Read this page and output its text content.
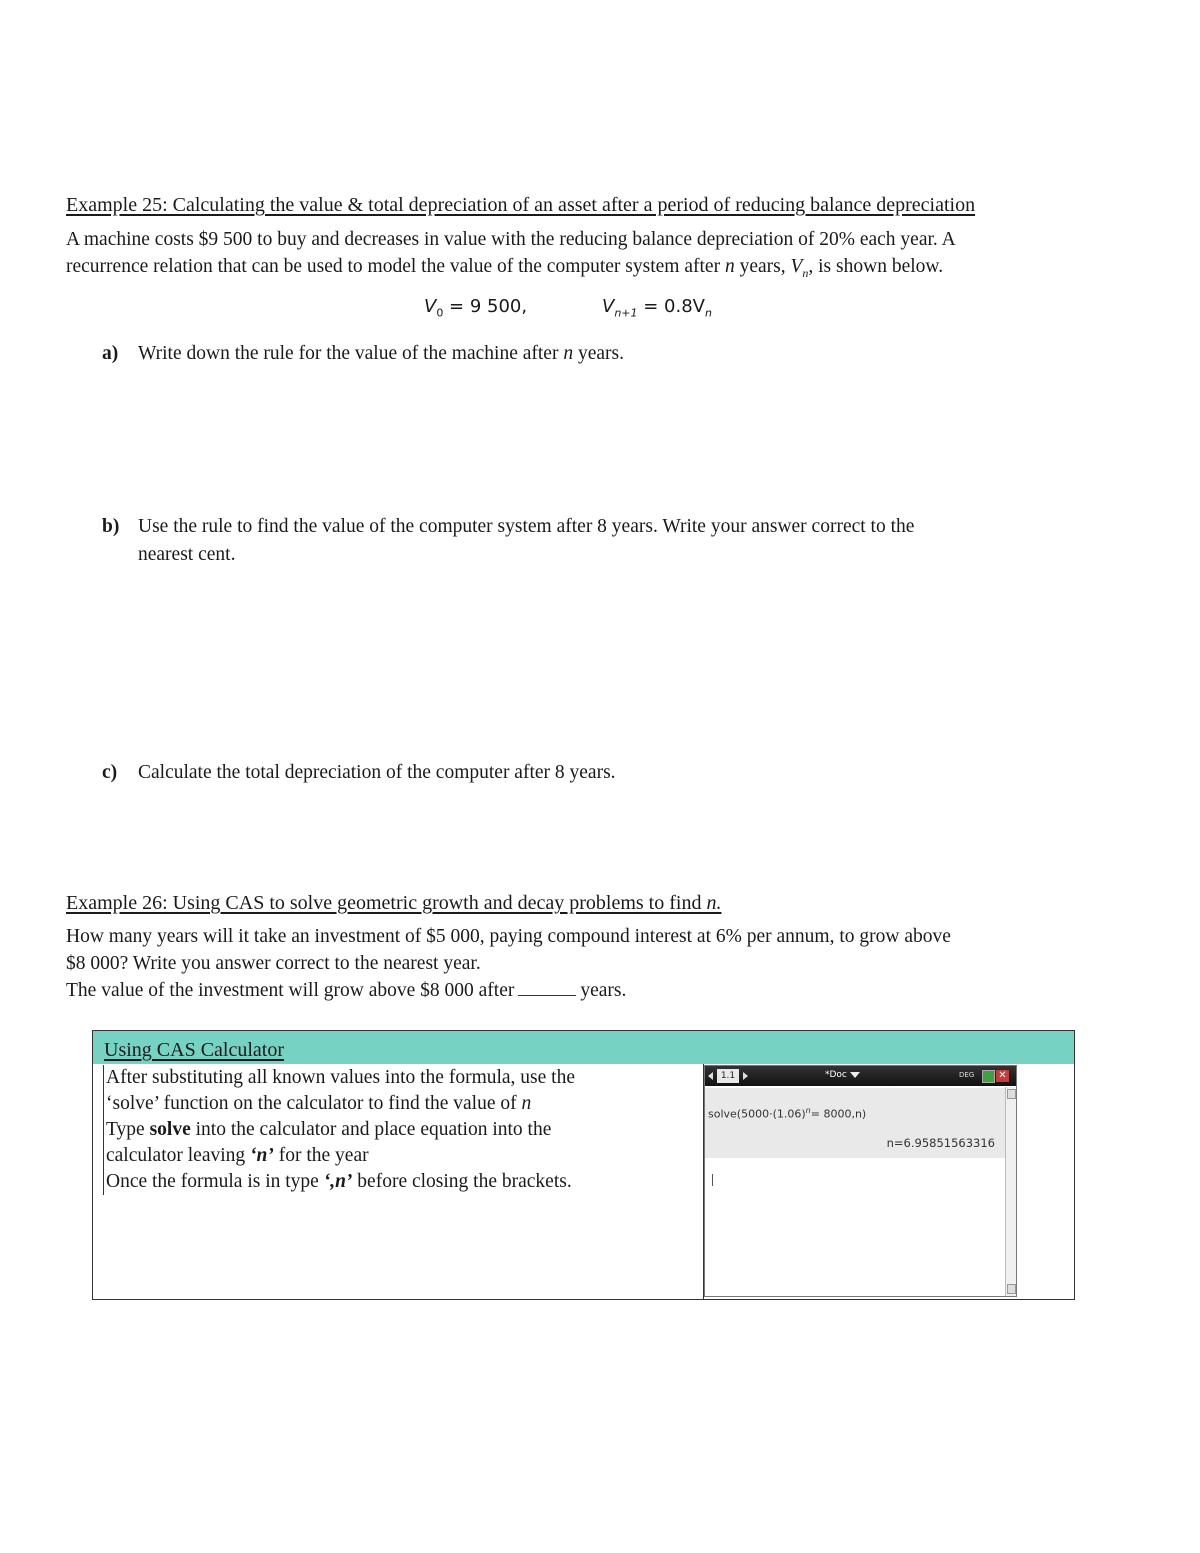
Example 25: Calculating the value & total depreciation of an asset after a period of reducing balance depreciation
A machine costs $9 500 to buy and decreases in value with the reducing balance depreciation of 20% each year. A
recurrence relation that can be used to model the value of the computer system after n years, $V_n$, is shown below.
$V_0 = 9$ 500,	$V_{n+1} = 0.8V_n$
a) Write down the rule for the value of the machine after n years.
b) Use the rule to find the value of the computer system after 8 years. Write your answer correct to the
nearest cent.
c) Calculate the total depreciation of the computer after 8 years.
Example 26: Using CAS to solve geometric growth and decay problems to find n.
How many years will it take an investment of $5 000, paying compound interest at 6% per annum, to grow above
$8 000? Write you answer correct to the nearest year.
The value of the investment will grow above $8 000 after	years.
Using CAS Calculator
After substituting all known values into the formula, use the
‘solve’ function on the calculator to find the value of n
Type solve into the calculator and place equation into the
calculator leaving ‘n’ for the year
Once the formula is in type ‘,n’ before closing the brackets.
1.1	*Doc	DEG ✕
$solve(5000\cdot(1.06)^n= 8000,n)$
n=6.95851563316
